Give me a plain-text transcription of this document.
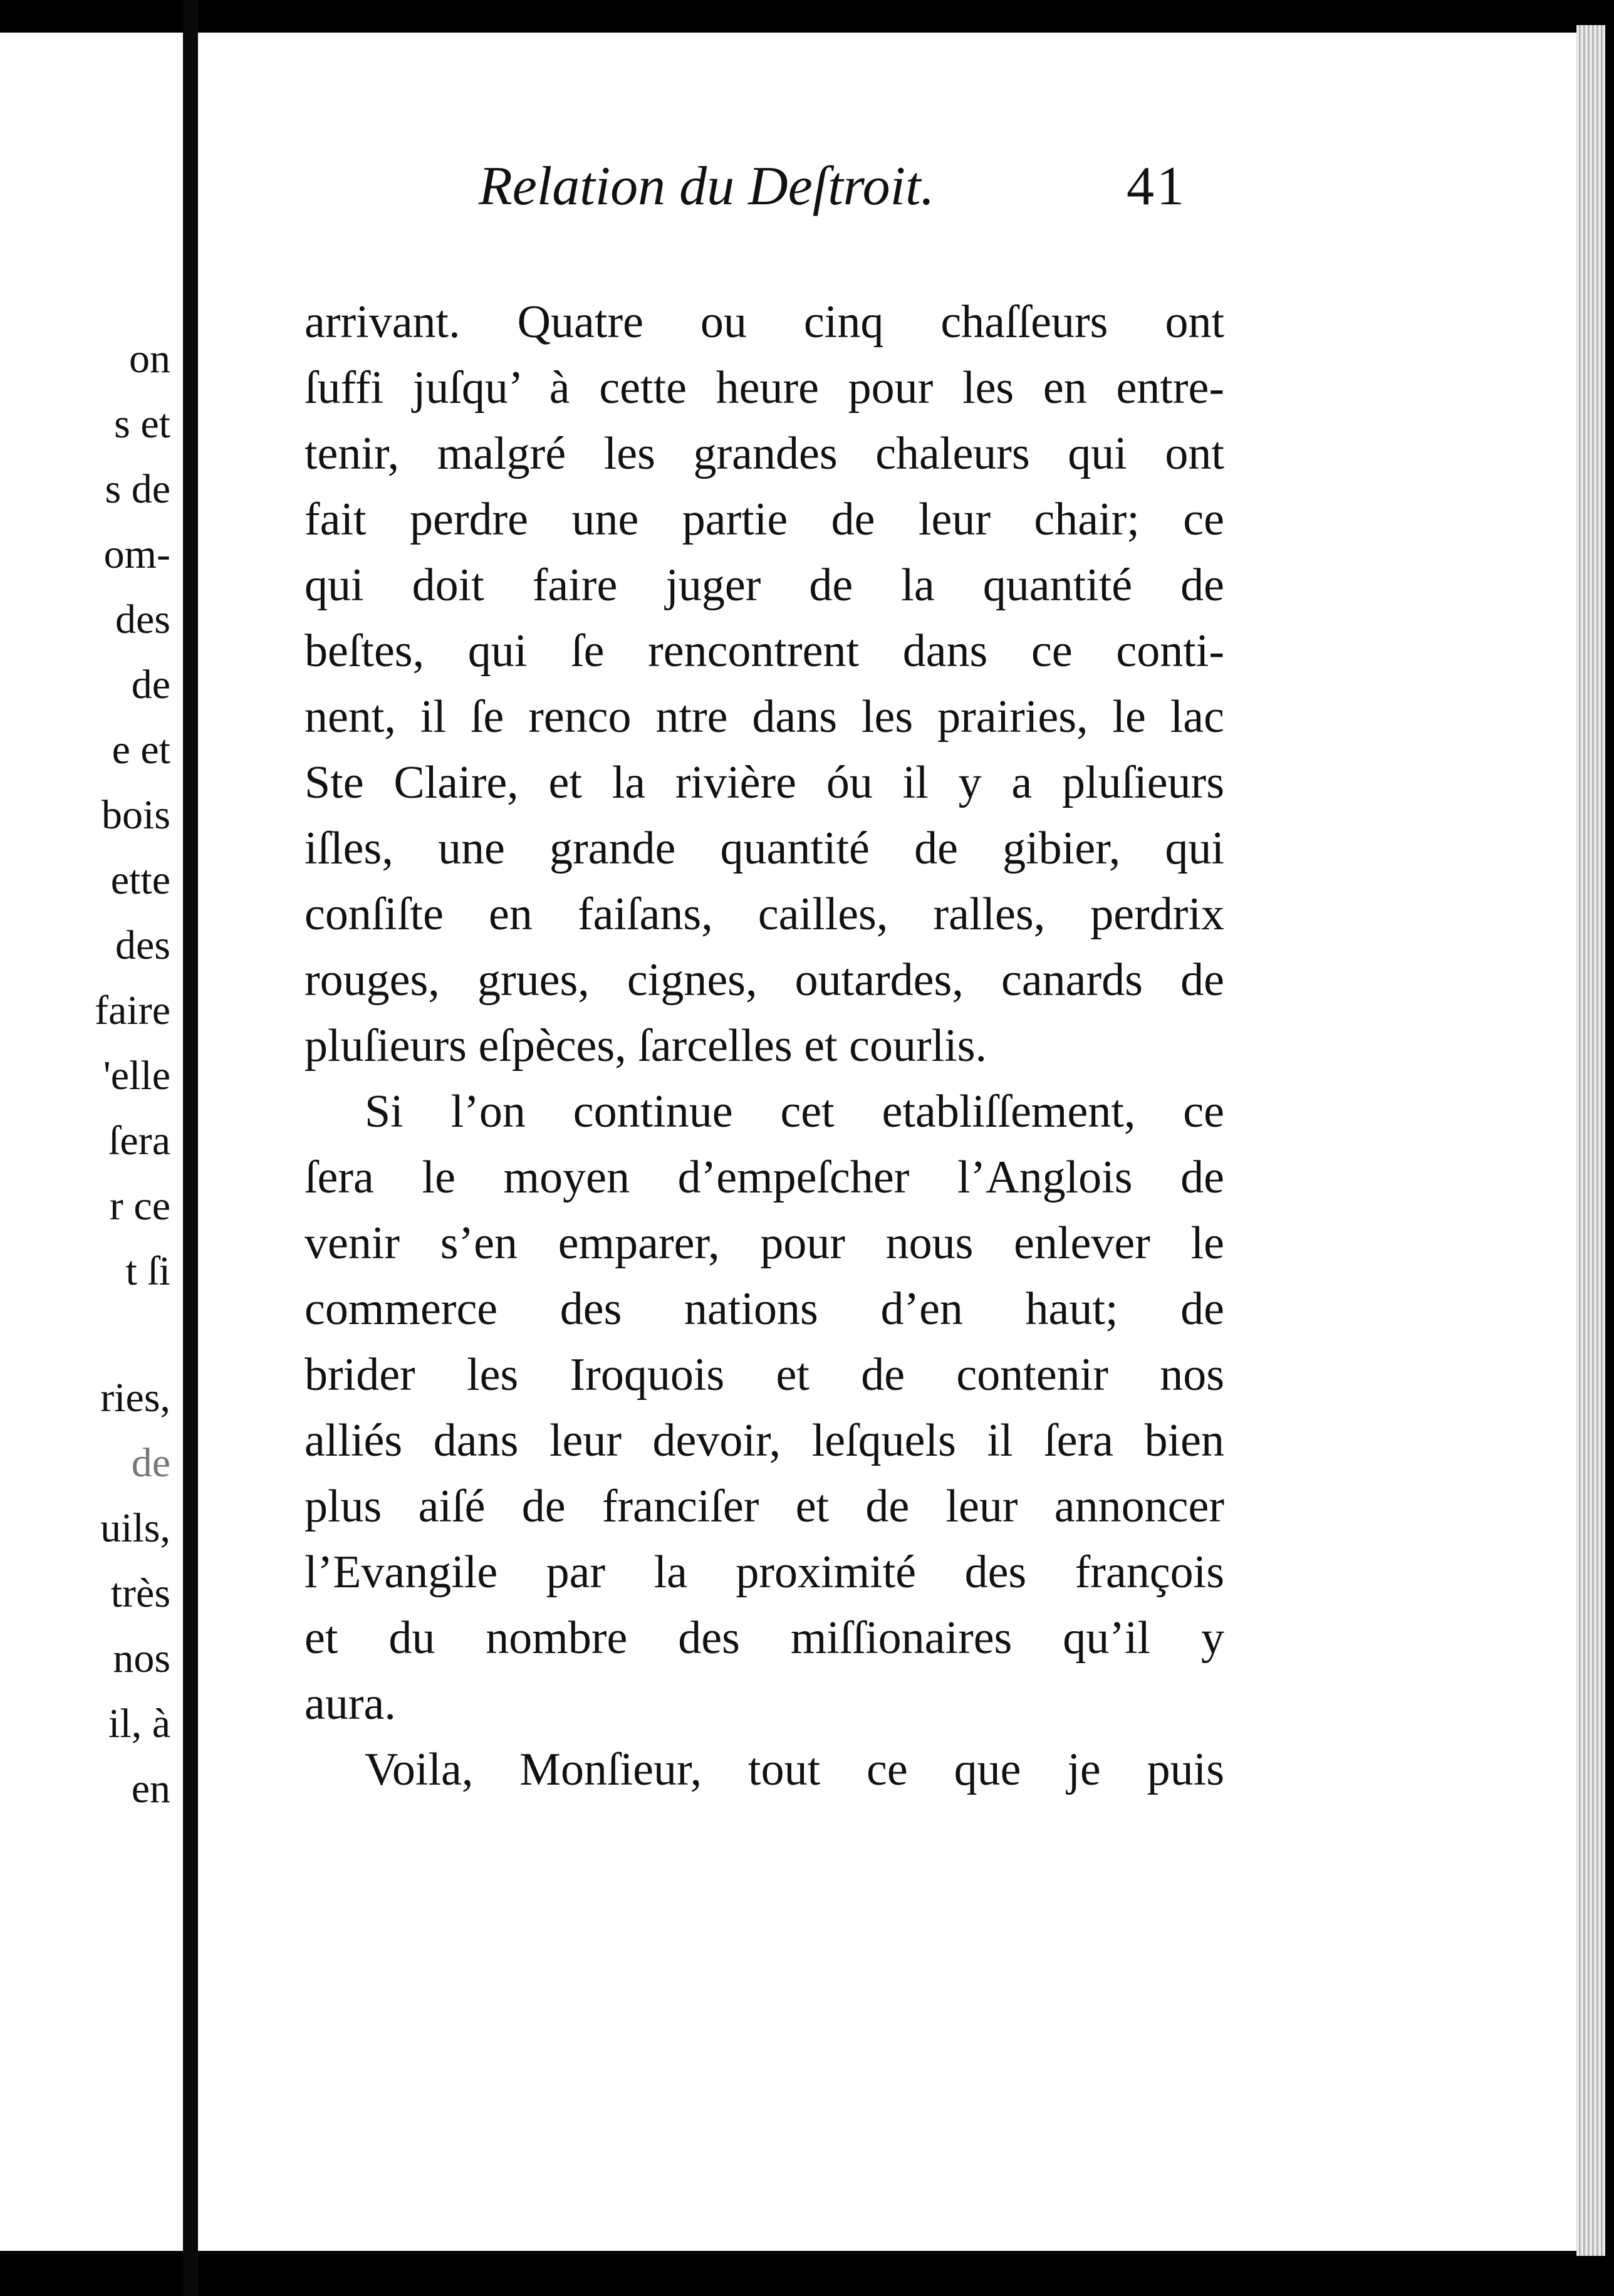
on

s et

s de

om-

des

de

e et

bois

ette

des

faire

'elle

ſera

r ce

t ſi

ries,

de

uils,

très

nos

il, à

en

Relation du Deſtroit.	41
arrivant. Quatre ou cinq chaſſeurs ont
ſuffi juſqu’ à cette heure pour les en entre-
tenir, malgré les grandes chaleurs qui ont
fait perdre une partie de leur chair; ce
qui doit faire juger de la quantité de
beſtes, qui ſe rencontrent dans ce conti-
nent, il ſe renco ntre dans les prairies, le lac
Ste Claire, et la rivière óu il y a pluſieurs
iſles, une grande quantité de gibier, qui
conſiſte en faiſans, cailles, ralles, perdrix
rouges, grues, cignes, outardes, canards de
pluſieurs eſpèces, ſarcelles et courlis.
Si l’on continue cet etabliſſement, ce
ſera le moyen d’empeſcher l’Anglois de
venir s’en emparer, pour nous enlever le
commerce des nations d’en haut; de
brider les Iroquois et de contenir nos
alliés dans leur devoir, leſquels il ſera bien
plus aiſé de franciſer et de leur annoncer
l’Evangile par la proximité des françois
et du nombre des miſſionaires qu’il y
aura.
Voila, Monſieur, tout ce que je puis
